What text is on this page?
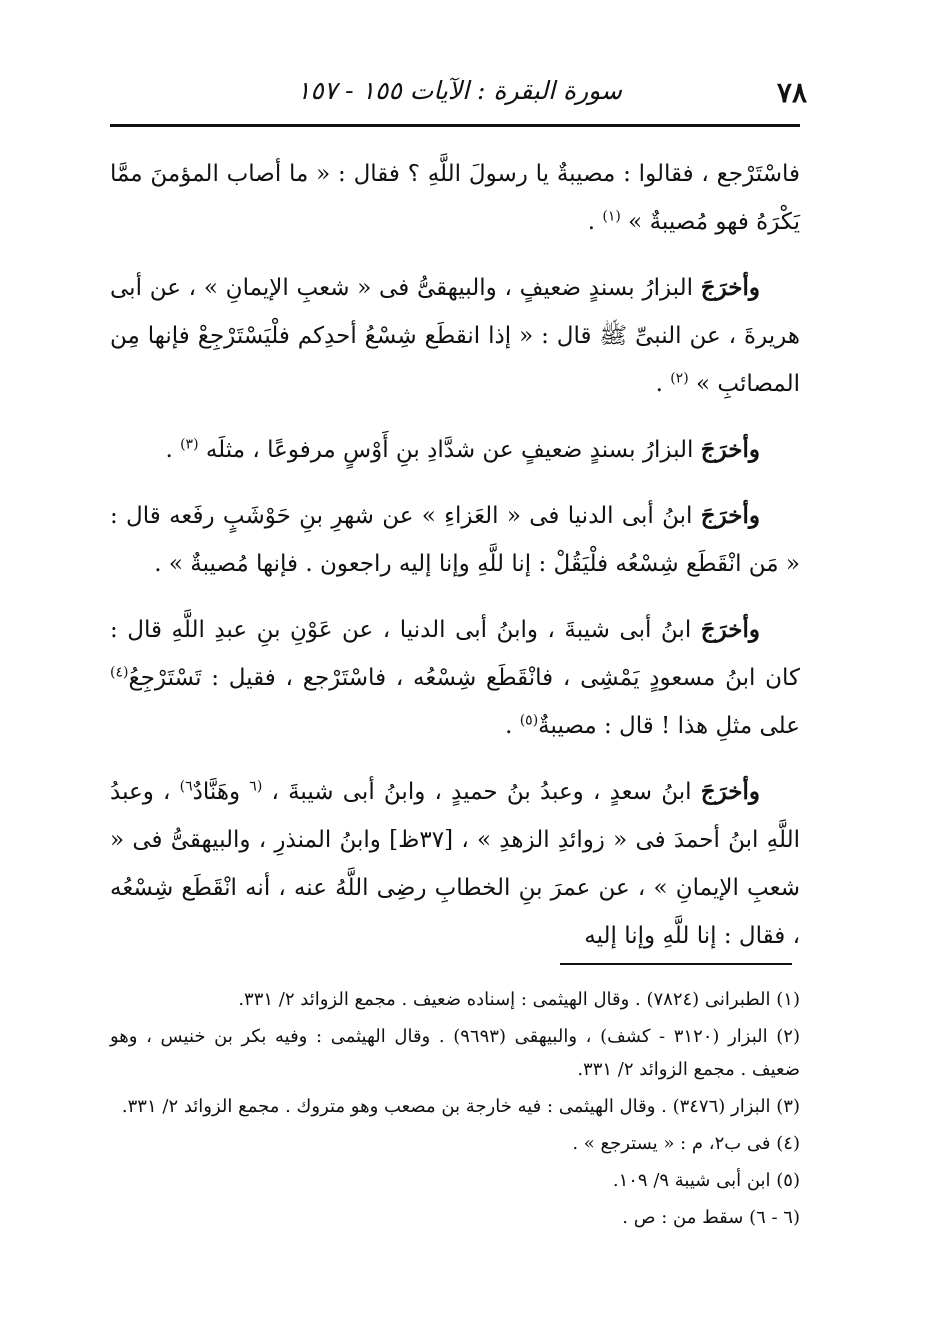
٧٨
سورة البقرة : الآيات ١٥٥ - ١٥٧

فاسْتَرْجع ، فقالوا : مصيبةٌ يا رسولَ اللَّهِ ؟ فقال : « ما أصاب المؤمنَ ممَّا يَكْرَهُ فهو مُصيبةٌ » $^{(١)}$ .

وأخرَجَ البزارُ بسندٍ ضعيفٍ ، والبيهقىُّ فى « شعبِ الإيمانِ » ، عن أبى هريرةَ ، عن النبىِّ ﷺ قال : « إذا انقطَع شِسْعُ أحدِكم فلْيَسْتَرْجِعْ فإنها مِن المصائبِ » $^{(٢)}$ .

وأخرَجَ البزارُ بسندٍ ضعيفٍ عن شدَّادِ بنِ أَوْسٍ مرفوعًا ، مثلَه $^{(٣)}$ .

وأخرَجَ ابنُ أبى الدنيا فى « العَزاءِ » عن شهرِ بنِ حَوْشَبٍ رفَعه قال : « مَن انْقَطَع شِسْعُه فلْيَقُلْ : إنا للَّهِ وإنا إليه راجعون . فإنها مُصيبةٌ » .

وأخرَجَ ابنُ أبى شيبةَ ، وابنُ أبى الدنيا ، عن عَوْنِ بنِ عبدِ اللَّهِ قال : كان ابنُ مسعودٍ يَمْشِى ، فانْقَطَع شِسْعُه ، فاسْتَرْجع ، فقيل : تَسْتَرْجِعُ$^{(٤)}$ على مثلِ هذا ! قال : مصيبةٌ$^{(٥)}$ .

وأخرَجَ ابنُ سعدٍ ، وعبدُ بنُ حميدٍ ، وابنُ أبى شيبةَ ، $^{(٦}$ وهَنَّادٌ$^{٦)}$ ، وعبدُ اللَّهِ ابنُ أحمدَ فى « زوائدِ الزهدِ » ، [٣٧ظ] وابنُ المنذرِ ، والبيهقىُّ فى « شعبِ الإيمانِ » ، عن عمرَ بنِ الخطابِ رضِى اللَّهُ عنه ، أنه انْقَطَع شِسْعُه ، فقال : إنا للَّهِ وإنا إليه

(١) الطبرانى (٧٨٢٤) . وقال الهيثمى : إسناده ضعيف . مجمع الزوائد ٢/ ٣٣١.

(٢) البزار (٣١٢٠ - كشف) ، والبيهقى (٩٦٩٣) . وقال الهيثمى : وفيه بكر بن خنيس ، وهو ضعيف . مجمع الزوائد ٢/ ٣٣١.

(٣) البزار (٣٤٧٦) . وقال الهيثمى : فيه خارجة بن مصعب وهو متروك . مجمع الزوائد ٢/ ٣٣١.

(٤) فى ب٢، م : « يسترجع » .

(٥) ابن أبى شيبة ٩/ ١٠٩.

(٦ - ٦) سقط من : ص .
